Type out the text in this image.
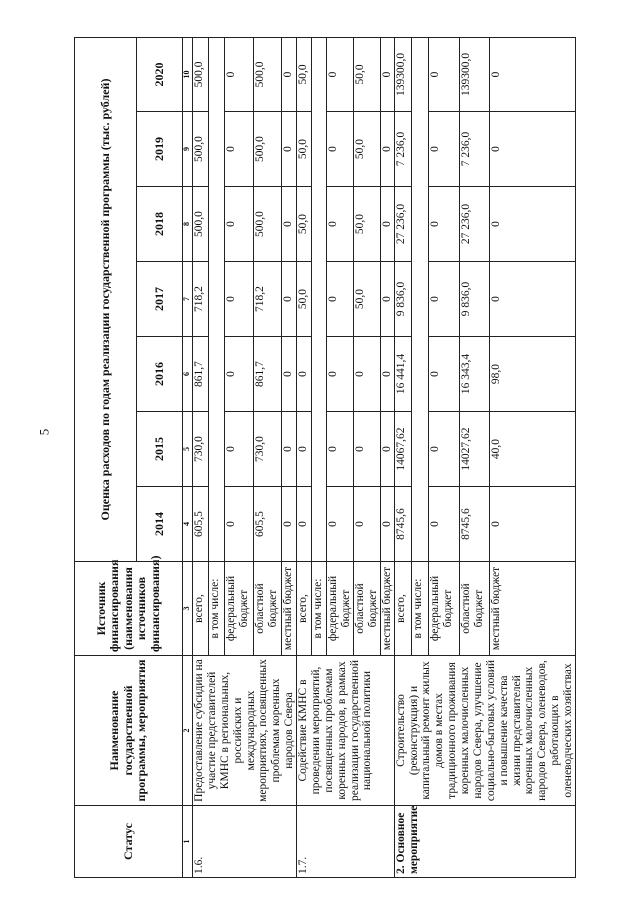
5
Статус	Наименование государственной программы, мероприятия	Источник финансирования (наименования источников финансирования)	Оценка расходов по годам реализации государственной программы (тыс. рублей)						
			2014	2015	2016	2017	2018	2019	2020
1	2	3	4	5	6	7	8	9	10
1.6.	Предоставление субсидии на участие представителей КМНС в региональных, российских и международных мероприятиях, посвященных проблемам коренных народов Севера	всего,	605,5	730,0	861,7	718,2	500,0	500,0	500,0
		в том числе:							
		федеральный бюджет	0	0	0	0	0	0	0
		областной бюджет	605,5	730,0	861,7	718,2	500,0	500,0	500,0
		местный бюджет	0	0	0	0	0	0	0
1.7.	Содействие КМНС в проведении мероприятий, посвященных проблемам коренных народов, в рамках реализации государственной национальной политики	всего,	0	0	0	50,0	50,0	50,0	50,0
		в том числе:							
		федеральный бюджет	0	0	0	0	0	0	0
		областной бюджет	0	0	0	50,0	50,0	50,0	50,0
		местный бюджет	0	0	0	0	0	0	0
2. Основное мероприятие	Строительство (реконструкция) и капитальный ремонт жилых домов в местах традиционного проживания коренных малочисленных народов Севера, улучшение социально-бытовых условий и повышение качества жизни представителей коренных малочисленных народов Севера, оленеводов, работающих в оленеводческих хозяйствах	всего,	8745,6	14067,62	16 441,4	9 836,0	27 236,0	7 236,0	139300,0
		в том числе:							
		федеральный бюджет	0	0	0	0	0	0	0
		областной бюджет	8745,6	14027,62	16 343,4	9 836,0	27 236,0	7 236,0	139300,0
		местный бюджет	0	40,0	98,0	0	0	0	0
